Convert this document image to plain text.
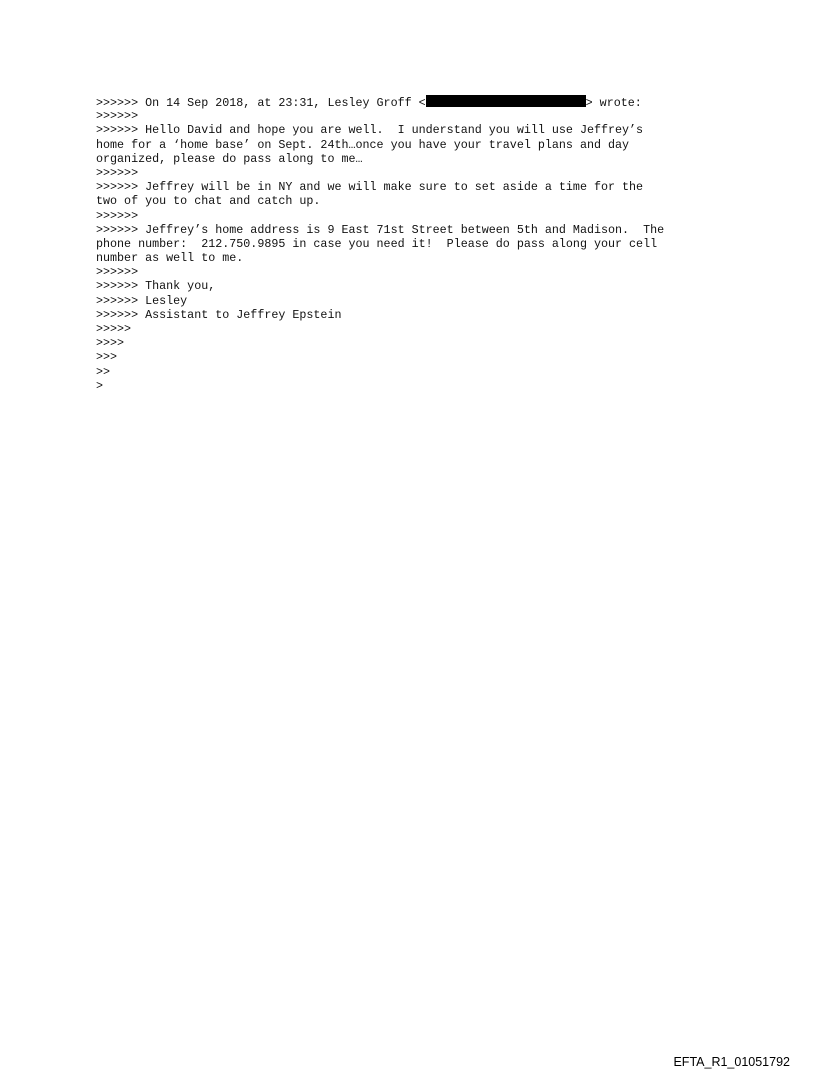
>>>>>> On 14 Sep 2018, at 23:31, Lesley Groff <	> wrote:
>>>>>>
>>>>>> Hello David and hope you are well.  I understand you will use Jeffrey’s
home for a ‘home base’ on Sept. 24th…once you have your travel plans and day
organized, please do pass along to me…
>>>>>>
>>>>>> Jeffrey will be in NY and we will make sure to set aside a time for the
two of you to chat and catch up.
>>>>>>
>>>>>> Jeffrey’s home address is 9 East 71st Street between 5th and Madison.  The
phone number:  212.750.9895 in case you need it!  Please do pass along your cell
number as well to me.
>>>>>>
>>>>>> Thank you,
>>>>>> Lesley
>>>>>> Assistant to Jeffrey Epstein
>>>>>
>>>>
>>>
>>
>
EFTA_R1_01051792
